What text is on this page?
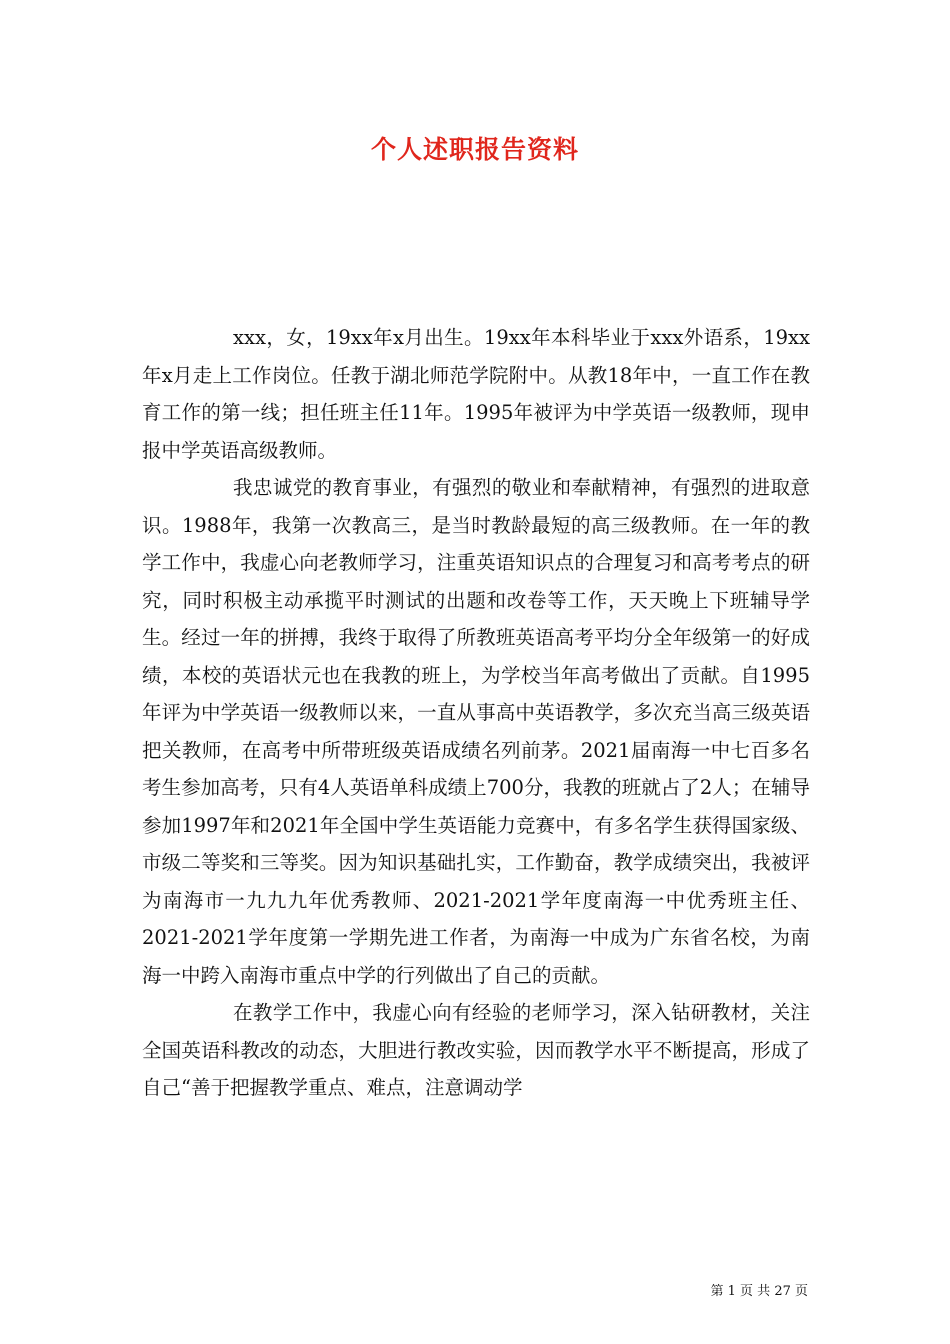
个人述职报告资料

xxx，女，19xx年x月出生。19xx年本科毕业于xxx外语系，19xx年x月走上工作岗位。任教于湖北师范学院附中。从教18年中，一直工作在教育工作的第一线；担任班主任11年。1995年被评为中学英语一级教师，现申报中学英语高级教师。

我忠诚党的教育事业，有强烈的敬业和奉献精神，有强烈的进取意识。1988年，我第一次教高三，是当时教龄最短的高三级教师。在一年的教学工作中，我虚心向老教师学习，注重英语知识点的合理复习和高考考点的研究，同时积极主动承揽平时测试的出题和改卷等工作，天天晚上下班辅导学生。经过一年的拼搏，我终于取得了所教班英语高考平均分全年级第一的好成绩，本校的英语状元也在我教的班上，为学校当年高考做出了贡献。自1995年评为中学英语一级教师以来，一直从事高中英语教学，多次充当高三级英语把关教师，在高考中所带班级英语成绩名列前茅。2021届南海一中七百多名考生参加高考，只有4人英语单科成绩上700分，我教的班就占了2人；在辅导参加1997年和2021年全国中学生英语能力竞赛中，有多名学生获得国家级、市级二等奖和三等奖。因为知识基础扎实，工作勤奋，教学成绩突出，我被评为南海市一九九九年优秀教师、2021-2021学年度南海一中优秀班主任、2021-2021学年度第一学期先进工作者，为南海一中成为广东省名校，为南海一中跨入南海市重点中学的行列做出了自己的贡献。

在教学工作中，我虚心向有经验的老师学习，深入钻研教材，关注全国英语科教改的动态，大胆进行教改实验，因而教学水平不断提高，形成了自己“善于把握教学重点、难点，注意调动学

第 1 页 共 27 页
